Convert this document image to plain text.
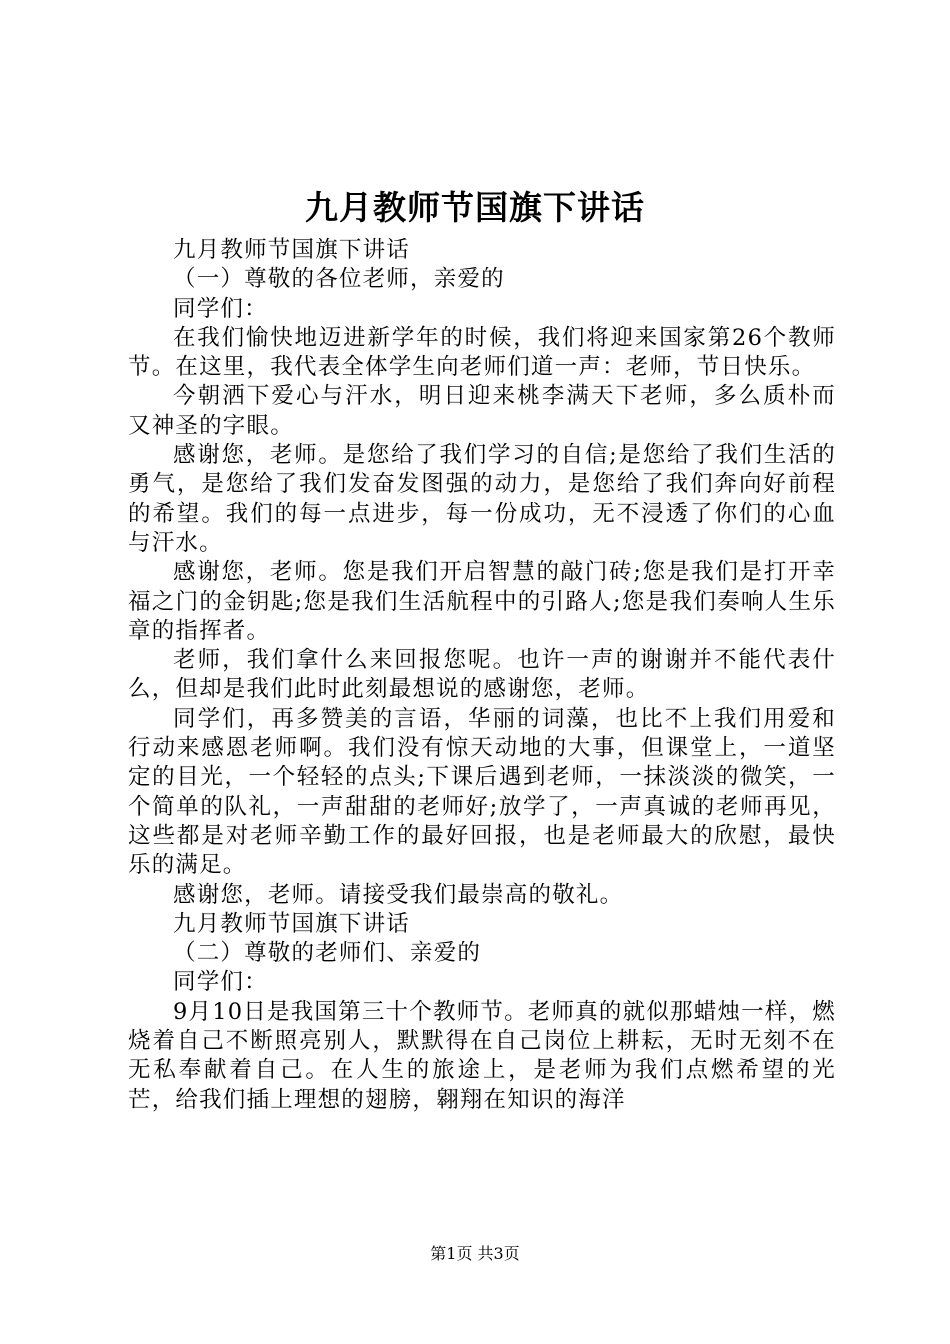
九月教师节国旗下讲话

九月教师节国旗下讲话

（一）尊敬的各位老师，亲爱的

同学们：

在我们愉快地迈进新学年的时候，我们将迎来国家第26个教师节。在这里，我代表全体学生向老师们道一声：老师，节日快乐。

今朝洒下爱心与汗水，明日迎来桃李满天下老师，多么质朴而又神圣的字眼。

感谢您，老师。是您给了我们学习的自信;是您给了我们生活的勇气，是您给了我们发奋发图强的动力，是您给了我们奔向好前程的希望。我们的每一点进步，每一份成功，无不浸透了你们的心血与汗水。

感谢您，老师。您是我们开启智慧的敲门砖;您是我们是打开幸福之门的金钥匙;您是我们生活航程中的引路人;您是我们奏响人生乐章的指挥者。

老师，我们拿什么来回报您呢。也许一声的谢谢并不能代表什么，但却是我们此时此刻最想说的感谢您，老师。

同学们，再多赞美的言语，华丽的词藻，也比不上我们用爱和行动来感恩老师啊。我们没有惊天动地的大事，但课堂上，一道坚定的目光，一个轻轻的点头;下课后遇到老师，一抹淡淡的微笑，一个简单的队礼，一声甜甜的老师好;放学了，一声真诚的老师再见，这些都是对老师辛勤工作的最好回报，也是老师最大的欣慰，最快乐的满足。

感谢您，老师。请接受我们最崇高的敬礼。

九月教师节国旗下讲话

（二）尊敬的老师们、亲爱的

同学们：

9月10日是我国第三十个教师节。老师真的就似那蜡烛一样，燃烧着自己不断照亮别人，默默得在自己岗位上耕耘，无时无刻不在无私奉献着自己。在人生的旅途上，是老师为我们点燃希望的光芒，给我们插上理想的翅膀，翱翔在知识的海洋

第1页 共3页
